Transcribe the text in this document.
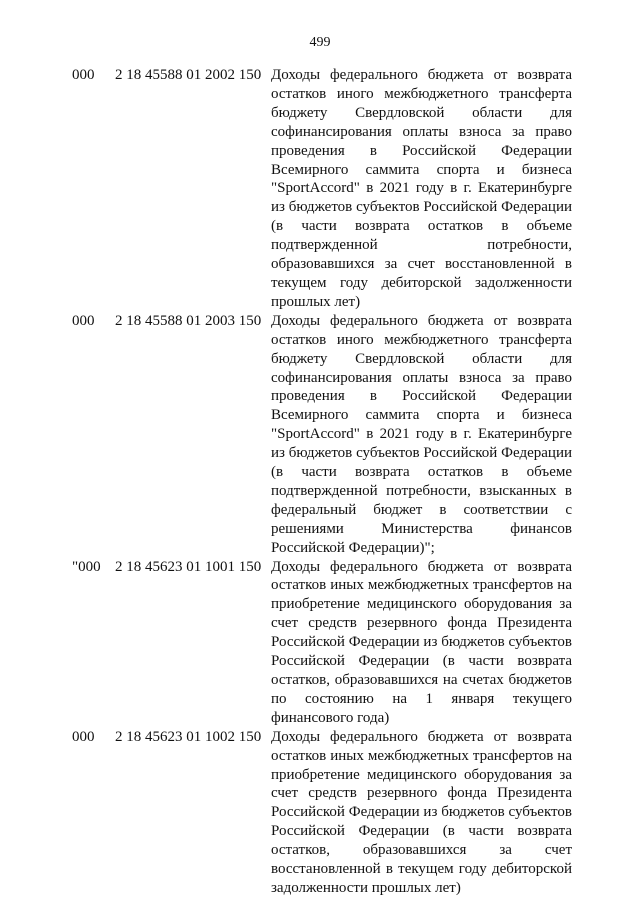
499
000 2 18 45588 01 2002 150 Доходы федерального бюджета от возврата остатков иного межбюджетного трансферта бюджету Свердловской области для софинансирования оплаты взноса за право проведения в Российской Федерации Всемирного саммита спорта и бизнеса "SportAccord" в 2021 году в г. Екатеринбурге из бюджетов субъектов Российской Федерации (в части возврата остатков в объеме подтвержденной потребности, образовавшихся за счет восстановленной в текущем году дебиторской задолженности прошлых лет)
000 2 18 45588 01 2003 150 Доходы федерального бюджета от возврата остатков иного межбюджетного трансферта бюджету Свердловской области для софинансирования оплаты взноса за право проведения в Российской Федерации Всемирного саммита спорта и бизнеса "SportAccord" в 2021 году в г. Екатеринбурге из бюджетов субъектов Российской Федерации (в части возврата остатков в объеме подтвержденной потребности, взысканных в федеральный бюджет в соответствии с решениями Министерства финансов Российской Федерации)";
"000 2 18 45623 01 1001 150 Доходы федерального бюджета от возврата остатков иных межбюджетных трансфертов на приобретение медицинского оборудования за счет средств резервного фонда Президента Российской Федерации из бюджетов субъектов Российской Федерации (в части возврата остатков, образовавшихся на счетах бюджетов по состоянию на 1 января текущего финансового года)
000 2 18 45623 01 1002 150 Доходы федерального бюджета от возврата остатков иных межбюджетных трансфертов на приобретение медицинского оборудования за счет средств резервного фонда Президента Российской Федерации из бюджетов субъектов Российской Федерации (в части возврата остатков, образовавшихся за счет восстановленной в текущем году дебиторской задолженности прошлых лет)
